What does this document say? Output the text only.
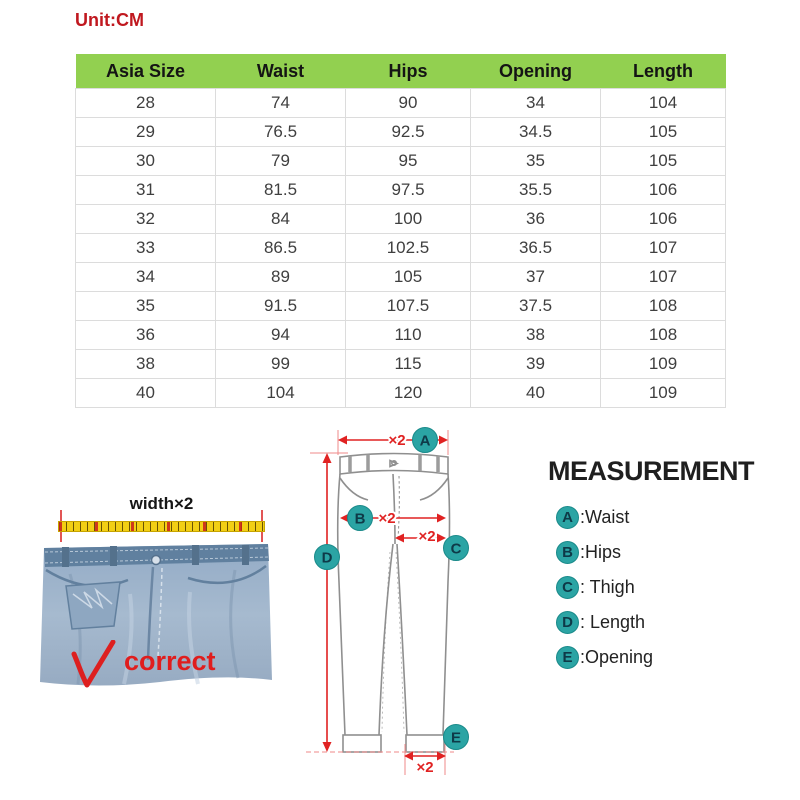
Unit:CM
Asia Size	Waist	Hips	Opening	Length
28	74	90	34	104
29	76.5	92.5	34.5	105
30	79	95	35	105
31	81.5	97.5	35.5	106
32	84	100	36	106
33	86.5	102.5	36.5	107
34	89	105	37	107
35	91.5	107.5	37.5	108
36	94	110	38	108
38	99	115	39	109
40	104	120	40	109
width×2
correct
×2
×2
×2
×2
A
B
C
D
E
MEASUREMENT
A :Waist
B :Hips
C : Thigh
D : Length
E :Opening
